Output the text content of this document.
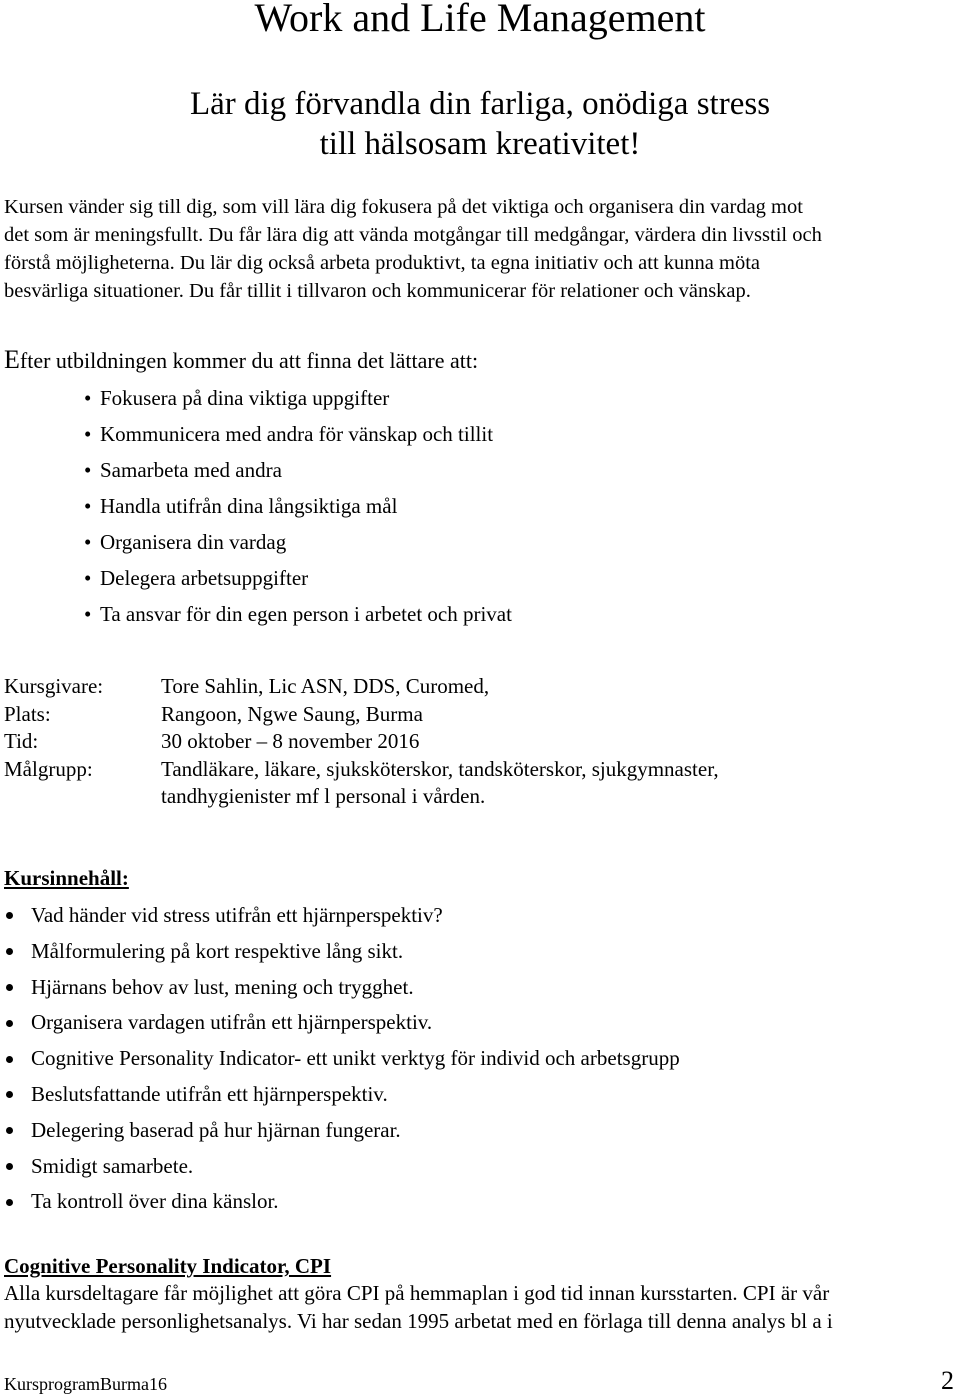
Work and Life Management
Lär dig förvandla din farliga, onödiga stress
till hälsosam kreativitet!
Kursen vänder sig till dig, som vill lära dig fokusera på det viktiga och organisera din vardag mot
det som är meningsfullt. Du får lära dig att vända motgångar till medgångar, värdera din livsstil och
förstå möjligheterna. Du lär dig också arbeta produktivt, ta egna initiativ och att kunna möta
besvärliga situationer. Du får tillit i tillvaron och kommunicerar för relationer och vänskap.
Efter utbildningen kommer du att finna det lättare att:
• Fokusera på dina viktiga uppgifter
• Kommunicera med andra för vänskap och tillit
• Samarbeta med andra
• Handla utifrån dina långsiktiga mål
• Organisera din vardag
• Delegera arbetsuppgifter
• Ta ansvar för din egen person i arbetet och privat
Kursgivare:	Tore Sahlin, Lic ASN, DDS, Curomed,
Plats:	Rangoon, Ngwe Saung, Burma
Tid:	30 oktober – 8 november 2016
Målgrupp:	Tandläkare, läkare, sjuksköterskor, tandsköterskor, sjukgymnaster,
tandhygienister mf l personal i vården.
Kursinnehåll:
Vad händer vid stress utifrån ett hjärnperspektiv?
Målformulering på kort respektive lång sikt.
Hjärnans behov av lust, mening och trygghet.
Organisera vardagen utifrån ett hjärnperspektiv.
Cognitive Personality Indicator- ett unikt verktyg för individ och arbetsgrupp
Beslutsfattande utifrån ett hjärnperspektiv.
Delegering baserad på hur hjärnan fungerar.
Smidigt samarbete.
Ta kontroll över dina känslor.
Cognitive Personality Indicator, CPI
Alla kursdeltagare får möjlighet att göra CPI på hemmaplan i god tid innan kursstarten. CPI är vår
nyutvecklade personlighetsanalys. Vi har sedan 1995 arbetat med en förlaga till denna analys bl a i
KursprogramBurma16	2
